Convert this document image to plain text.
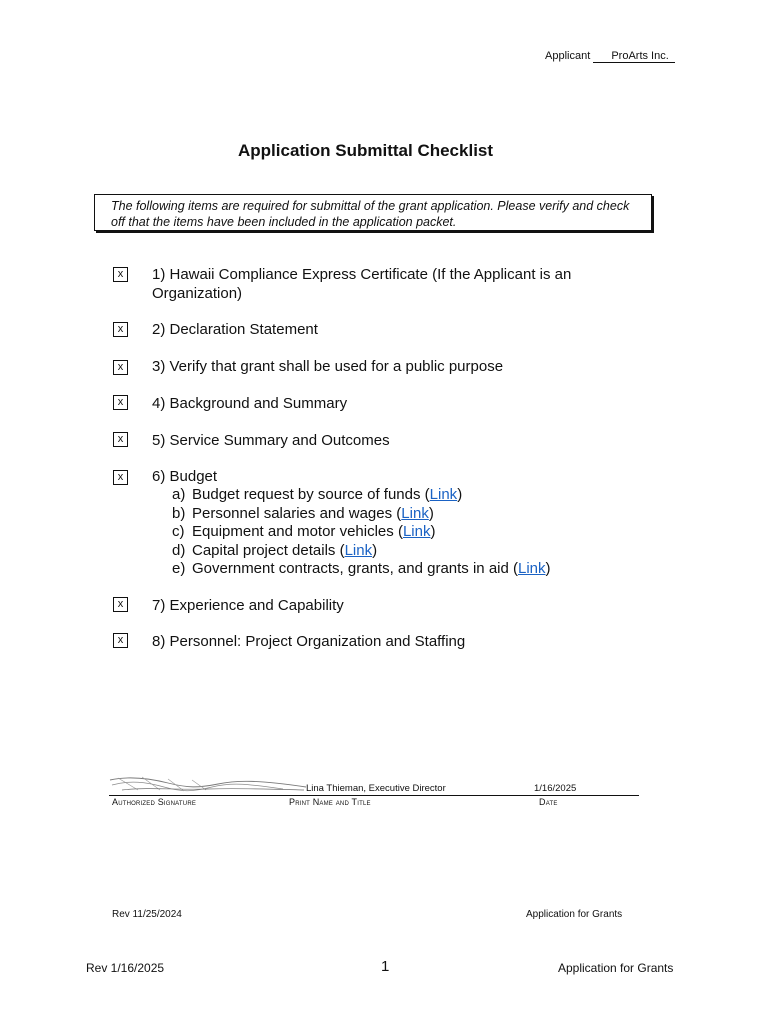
Applicant ProArts Inc.
Application Submittal Checklist
The following items are required for submittal of the grant application. Please verify and check off that the items have been included in the application packet.
x	1) Hawaii Compliance Express Certificate (If the Applicant is an
Organization)
x	2) Declaration Statement
x	3) Verify that grant shall be used for a public purpose
x	4) Background and Summary
x	5) Service Summary and Outcomes
x	6) Budget
a) Budget request by source of funds ( Link )
b) Personnel salaries and wages ( Link )
c) Equipment and motor vehicles ( Link )
d) Capital project details ( Link )
e) Government contracts, grants, and grants in aid ( Link )
x	7) Experience and Capability
x	8) Personnel: Project Organization and Staffing
Lina Thieman, Executive Director	1/16/2025
Authorized Signature	Print Name and Title	Date
Rev 11/25/2024	Application for Grants
Rev 1/16/2025	1	Application for Grants
